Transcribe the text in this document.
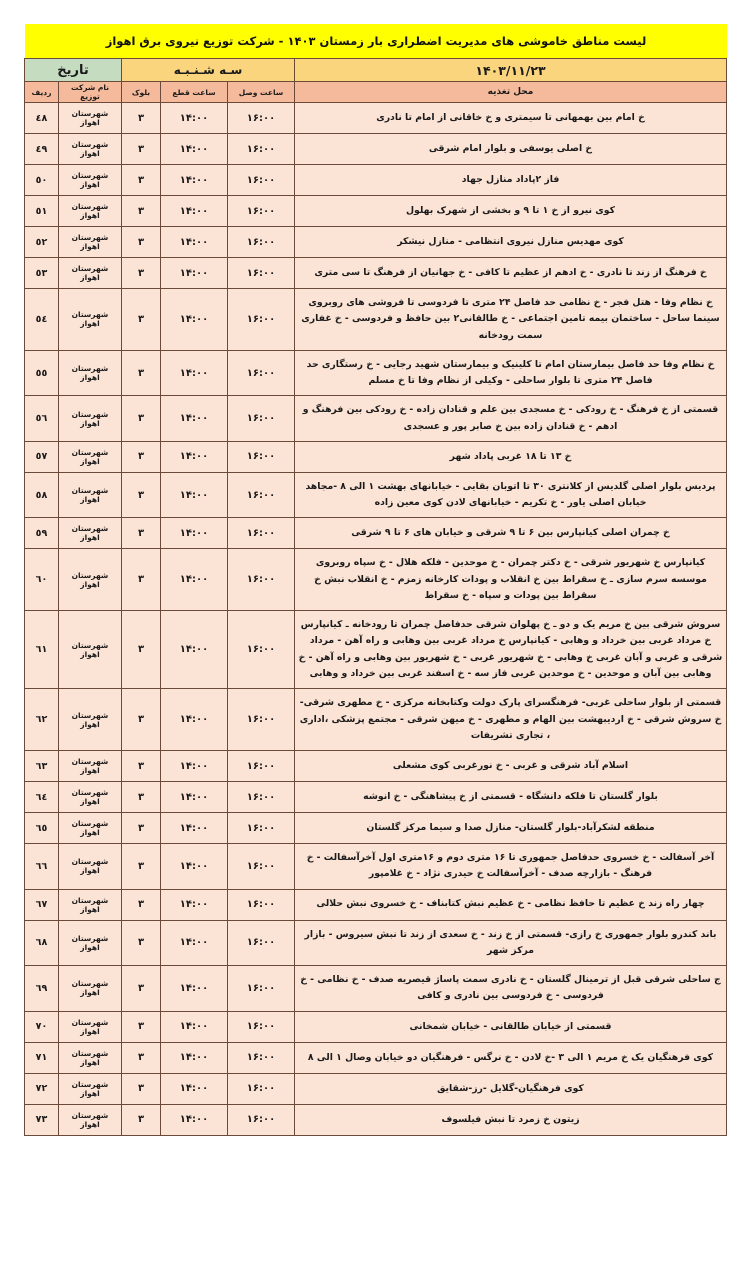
لیست مناطق خاموشی های مدیریت اضطراری بار زمستان ۱۴۰۳ - شرکت توزیع نیروی برق اهواز
۱۴۰۳/۱۱/۲۳	سـه شـنـبـه			تاریخ	
محل تغذیه	ساعت وصل	ساعت قطع	بلوک	نام شرکت توزیع	ردیف
خ امام بین بهمهانی تا سیمتری و خ خاقانی از امام تا نادری	۱۶:۰۰	۱۴:۰۰	۳	شهرستان اهواز	٤٨
خ اصلی یوسفی و بلوار امام شرقی	۱۶:۰۰	۱۴:۰۰	۳	شهرستان اهواز	٤٩
فاز ۲پاداد منازل جهاد	۱۶:۰۰	۱۴:۰۰	۳	شهرستان اهواز	٥٠
کوی نیرو از خ ۱ تا ۹ و بخشی از شهرک بهلول	۱۶:۰۰	۱۴:۰۰	۳	شهرستان اهواز	٥١
کوی مهدیس منازل نیروی انتظامی - منازل نیشکر	۱۶:۰۰	۱۴:۰۰	۳	شهرستان اهواز	٥٢
خ فرهنگ از زند تا نادری - خ ادهم از عظیم تا کافی - خ جهانیان از فرهنگ تا سی متری	۱۶:۰۰	۱۴:۰۰	۳	شهرستان اهواز	٥٣
خ نظام وفا - هتل فجر - خ نظامی حد فاصل ۲۴ متری تا فردوسی تا فروشی های روبروی سینما ساحل - ساختمان بیمه تامین اجتماعی - خ طالقانی۲ بین حافظ و فردوسی - خ غفاری سمت رودخانه	۱۶:۰۰	۱۴:۰۰	۳	شهرستان اهواز	٥٤
خ نظام وفا حد فاصل بیمارستان امام تا کلینیک و بیمارستان شهید رجایی - خ رستگاری حد فاصل ۲۴ متری تا بلوار ساحلی - وکیلی از نظام وفا تا خ مسلم	۱۶:۰۰	۱۴:۰۰	۳	شهرستان اهواز	٥٥
قسمتی از خ فرهنگ - خ رودکی - خ مسجدی بین علم و قنادان زاده - خ رودکی بین فرهنگ و ادهم - خ قنادان زاده بین خ صابر پور و عسجدی	۱۶:۰۰	۱۴:۰۰	۳	شهرستان اهواز	٥٦
خ ۱۳ تا ۱۸ غربی پاداد شهر	۱۶:۰۰	۱۴:۰۰	۳	شهرستان اهواز	٥٧
پردیس بلوار اصلی گلدیس از کلانتری ۳۰ تا اتوبان بقایی - خیابانهای بهشت ۱ الی ۸ -مجاهد خیابان اصلی یاور - خ تکریم - خیابانهای لادن کوی معین زاده	۱۶:۰۰	۱۴:۰۰	۳	شهرستان اهواز	٥٨
خ چمران اصلی کیانپارس بین ۶ تا ۹ شرقی و خیابان های ۶ تا ۹ شرقی	۱۶:۰۰	۱۴:۰۰	۳	شهرستان اهواز	٥٩
کیانپارس خ شهریور شرقی - خ دکتر چمران - خ موحدین - فلکه هلال - خ سپاه روبروی موسسه سرم سازی ـ خ سقراط بین خ انقلاب و پودات کارخانه زمزم - خ انقلاب نبش خ سقراط بین پودات و سپاه - خ سقراط	۱۶:۰۰	۱۴:۰۰	۳	شهرستان اهواز	٦٠
سروش شرقی بین خ مریم یک و دو ـ خ پهلوان شرقی حدفاصل چمران تا رودخانه ـ کیانپارس خ مرداد غربی بین خرداد و وهابی - کیانپارس خ مرداد غربی بین وهابی و راه آهن - مرداد شرقی و غربی و آبان غربی خ وهابی - خ شهریور غربی - خ شهریور بین وهابی و راه آهن - خ وهابی بین آبان و موحدین - خ موحدین غربی فاز سه - خ اسفند غربی بین خرداد و وهابی	۱۶:۰۰	۱۴:۰۰	۳	شهرستان اهواز	٦١
قسمتی از بلوار ساحلی غربی- فرهنگسرای پارک دولت وکتابخانه مرکزی - خ مطهری شرقی- خ سروش شرقی - خ اردیبهشت بین الهام و مطهری - خ میهن شرقی - مجتمع پزشکی ،اداری ، تجاری تشریفات	۱۶:۰۰	۱۴:۰۰	۳	شهرستان اهواز	٦٢
اسلام آباد شرقی و غربی - خ نورغربی کوی مشعلی	۱۶:۰۰	۱۴:۰۰	۳	شهرستان اهواز	٦٣
بلوار گلستان تا فلکه دانشگاه - قسمتی از خ پیشاهنگی - خ انوشه	۱۶:۰۰	۱۴:۰۰	۳	شهرستان اهواز	٦٤
منطقه لشکرآباد-بلوار گلستان- منازل صدا و سیما مرکز گلستان	۱۶:۰۰	۱۴:۰۰	۳	شهرستان اهواز	٦٥
آخر آسفالت - خ خسروی حدفاصل جمهوری تا ۱۶ متری دوم و ۱۶متری اول آخرآسفالت - خ فرهنگ - بازارچه صدف - آخرآسفالت خ حیدری نژاد - خ غلامپور	۱۶:۰۰	۱۴:۰۰	۳	شهرستان اهواز	٦٦
چهار راه زند خ عظیم تا حافظ نظامی - خ عظیم نبش کتابناف - خ خسروی نبش حلالی	۱۶:۰۰	۱۴:۰۰	۳	شهرستان اهواز	٦٧
باند کندرو بلوار جمهوری خ رازی- قسمتی از خ زند - خ سعدی از زند تا نبش سیروس - بازار مرکز شهر	۱۶:۰۰	۱۴:۰۰	۳	شهرستان اهواز	٦٨
ج ساحلی شرقی قبل از ترمینال گلستان - خ نادری سمت پاساژ قیصریه صدف - خ نظامی - خ فردوسی - خ فردوسی بین نادری و کافی	۱۶:۰۰	۱۴:۰۰	۳	شهرستان اهواز	٦٩
قسمتی از خیابان طالقانی - خیابان شمخانی	۱۶:۰۰	۱۴:۰۰	۳	شهرستان اهواز	٧٠
کوی فرهنگیان یک خ مریم ۱ الی ۳ -خ لادن - خ نرگس - فرهنگیان دو خیابان وصال ۱ الی ۸	۱۶:۰۰	۱۴:۰۰	۳	شهرستان اهواز	٧١
کوی فرهنگیان-گلایل -رز-شقایق	۱۶:۰۰	۱۴:۰۰	۳	شهرستان اهواز	٧٢
زیتون خ زمرد تا نبش فیلسوف	۱۶:۰۰	۱۴:۰۰	۳	شهرستان اهواز	٧٣
